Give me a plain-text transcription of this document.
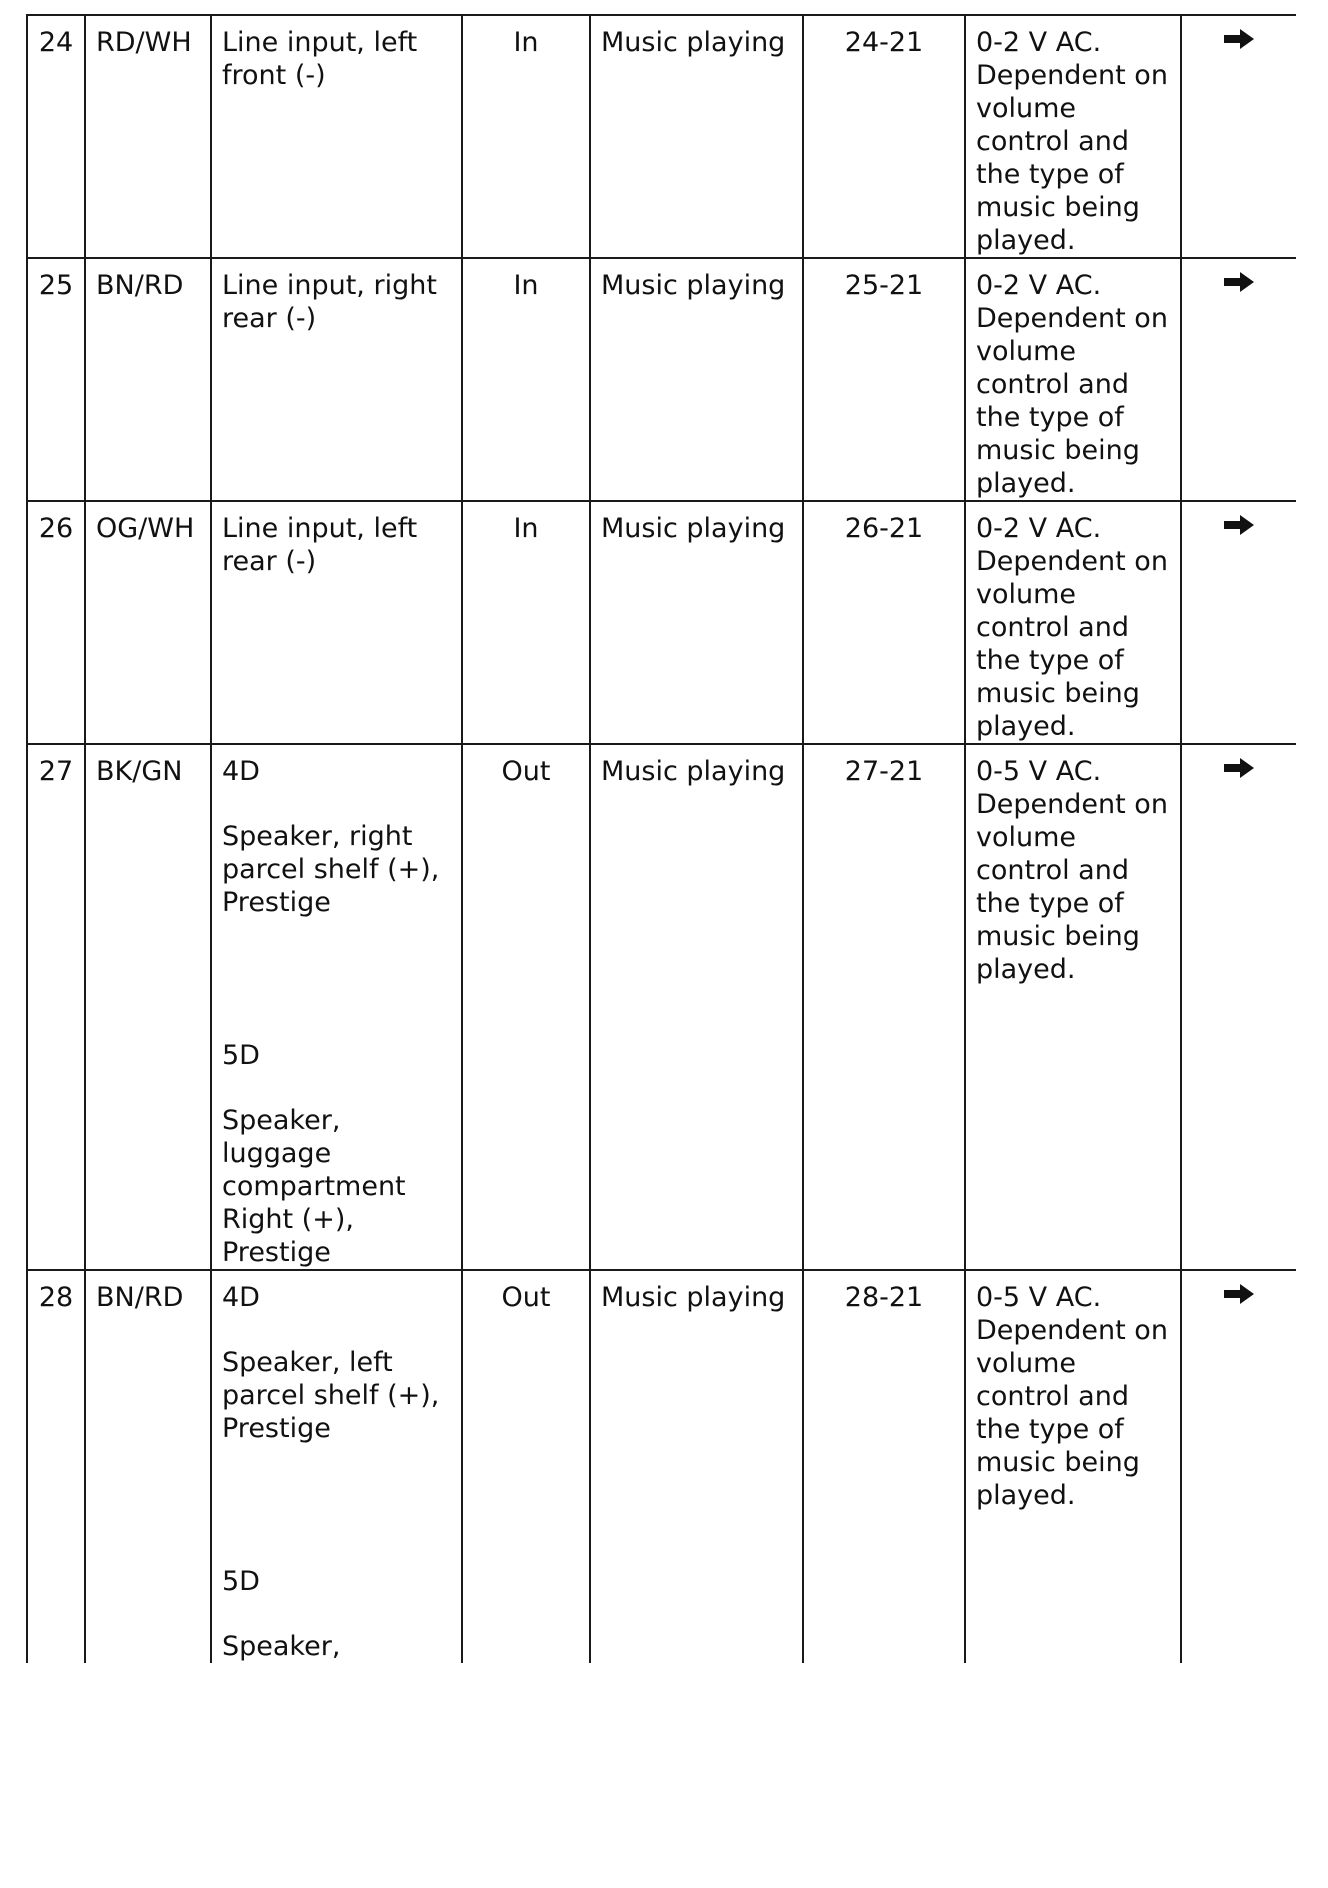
24	RD/WH	Line input, left front (-)	In	Music playing	24-21	0-2 V AC. Dependent on volume control and the type of music being played.	
25	BN/RD	Line input, right rear (-)	In	Music playing	25-21	0-2 V AC. Dependent on volume control and the type of music being played.	
26	OG/WH	Line input, left rear (-)	In	Music playing	26-21	0-2 V AC. Dependent on volume control and the type of music being played.	
27	BK/GN	4D
Speaker, right parcel shelf (+), Prestige
5D
Speaker, luggage compartment Right (+), Prestige	Out	Music playing	27-21	0-5 V AC. Dependent on volume control and the type of music being played.	
28	BN/RD	4D
Speaker, left parcel shelf (+), Prestige
5D
Speaker,	Out	Music playing	28-21	0-5 V AC. Dependent on volume control and the type of music being played.	
